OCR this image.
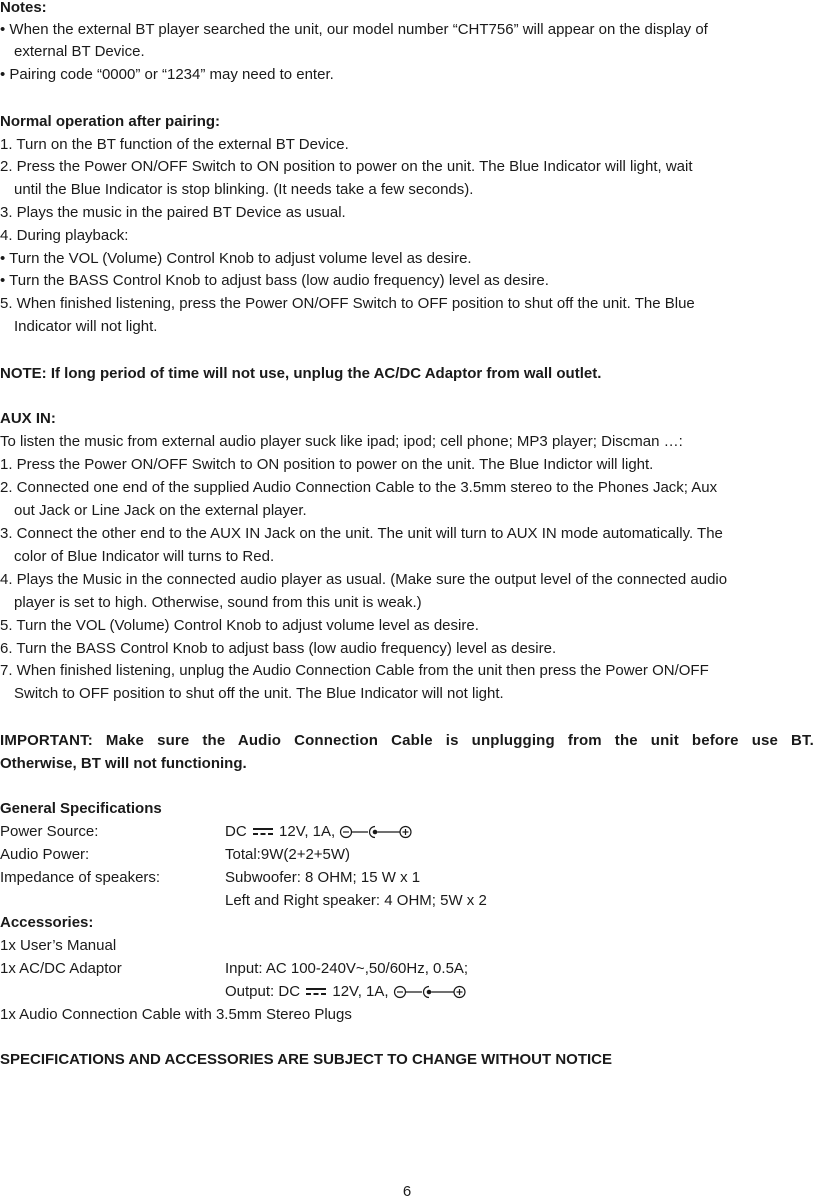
Notes:
• When the external BT player searched the unit, our model number “CHT756” will appear on the display of
external BT Device.
• Pairing code “0000” or “1234” may need to enter.
Normal operation after pairing:
1. Turn on the BT function of the external BT Device.
2. Press the Power ON/OFF Switch to ON position to power on the unit. The Blue Indicator will light, wait
until the Blue Indicator is stop blinking. (It needs take a few seconds).
3. Plays the music in the paired BT Device as usual.
4. During playback:
• Turn the VOL (Volume) Control Knob to adjust volume level as desire.
• Turn the BASS Control Knob to adjust bass (low audio frequency) level as desire.
5. When finished listening, press the Power ON/OFF Switch to OFF position to shut off the unit. The Blue
Indicator will not light.
NOTE: If long period of time will not use, unplug the AC/DC Adaptor from wall outlet.
AUX IN:
To listen the music from external audio player suck like ipad; ipod; cell phone; MP3 player; Discman …:
1. Press the Power ON/OFF Switch to ON position to power on the unit. The Blue Indictor will light.
2. Connected one end of the supplied Audio Connection Cable to the 3.5mm stereo to the Phones Jack; Aux
out Jack or Line Jack on the external player.
3. Connect the other end to the AUX IN Jack on the unit. The unit will turn to AUX IN mode automatically. The
color of Blue Indicator will turns to Red.
4. Plays the Music in the connected audio player as usual. (Make sure the output level of the connected audio
player is set to high. Otherwise, sound from this unit is weak.)
5. Turn the VOL (Volume) Control Knob to adjust volume level as desire.
6. Turn the BASS Control Knob to adjust bass (low audio frequency) level as desire.
7. When finished listening, unplug the Audio Connection Cable from the unit then press the Power ON/OFF
Switch to OFF position to shut off the unit. The Blue Indicator will not light.
IMPORTANT: Make sure the Audio Connection Cable is unplugging from the unit before use BT.
Otherwise, BT will not functioning.
General Specifications
Power Source:	DC 12V, 1A,
Audio Power:	Total:9W(2+2+5W)
Impedance of speakers:	Subwoofer: 8 OHM; 15 W x 1
Left and Right speaker: 4 OHM; 5W x 2
Accessories:
1x User’s Manual
1x AC/DC Adaptor	Input: AC 100-240V~,50/60Hz, 0.5A;
Output: DC 12V, 1A,
1x Audio Connection Cable with 3.5mm Stereo Plugs
SPECIFICATIONS AND ACCESSORIES ARE SUBJECT TO CHANGE WITHOUT NOTICE
6
